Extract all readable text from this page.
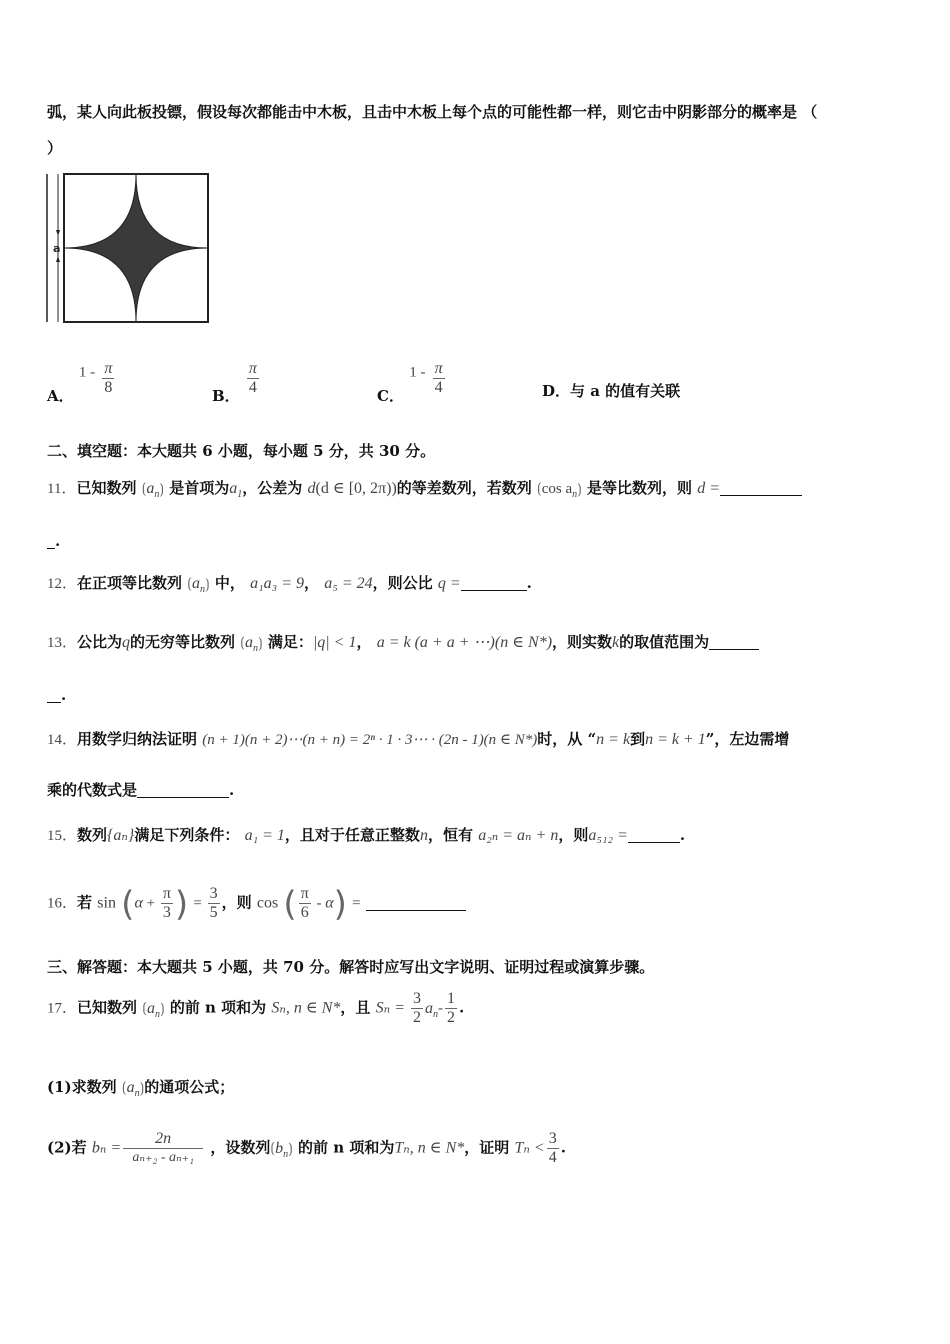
弧，某人向此板投镖，假设每次都能击中木板，且击中木板上每个点的可能性都一样，则它击中阴影部分的概率是 （
）
a
A． $1 - \frac{\pi}{8}$	B． $\frac{\pi}{4}$	C． $1 - \frac{\pi}{4}$	D．与 a 的值有关联
二、填空题：本大题共 6 小题，每小题 5 分，共 30 分。
11．已知数列 $⟮a_n⟯$ 是首项为$a_1$，公差为 d(d ∈ [0, 2π))的等差数列，若数列 ⟮cos $a_n⟯$ 是等比数列，则 d =
.
12．在正项等比数列 $⟮a_n⟯$ 中， a₁a₃ = 9， a₅ = 24，则公比 q =	.
13．公比为q的无穷等比数列 $⟮a_n⟯$ 满足：|q| < 1， a = k (a + a + ⋯)(n ∈ N*)，则实数k的取值范围为
.
14．用数学归纳法证明 (n + 1)(n + 2)⋯(n + n) = 2ⁿ · 1 · 3⋯ · (2n - 1)(n ∈ N*)时，从 “n = k到n = k + 1”，左边需增
乘的代数式是	.
15．数列{aₙ}满足下列条件： a₁ = 1，且对于任意正整数n，恒有 a₂ₙ = aₙ + n，则a₅₁₂ =	.
16．若 $\sin (\alpha + \frac{\pi}{3}$ ) = $\frac{3}{5}$ ，则 cos ( $\frac{\pi}{6} - \alpha$) =
三、解答题：本大题共 5 小题，共 70 分。解答时应写出文字说明、证明过程或演算步骤。
17．已知数列 $⟮a_n⟯$ 的前 n 项和为 Sₙ, n ∈ N*，且 $S_n = \frac{3}{2} a_n- \frac{1}{2}$ .
(1)求数列 $⟮a_n⟯$的通项公式；
(2)若 $b_n = \frac{2n}{\text{aₙ₊₂ - aₙ₊₁}}$ ，设数列$⟮b_n⟯$ 的前 n 项和为Tₙ, n ∈ N*，证明 $T_n < \frac{3}{4}$ .
